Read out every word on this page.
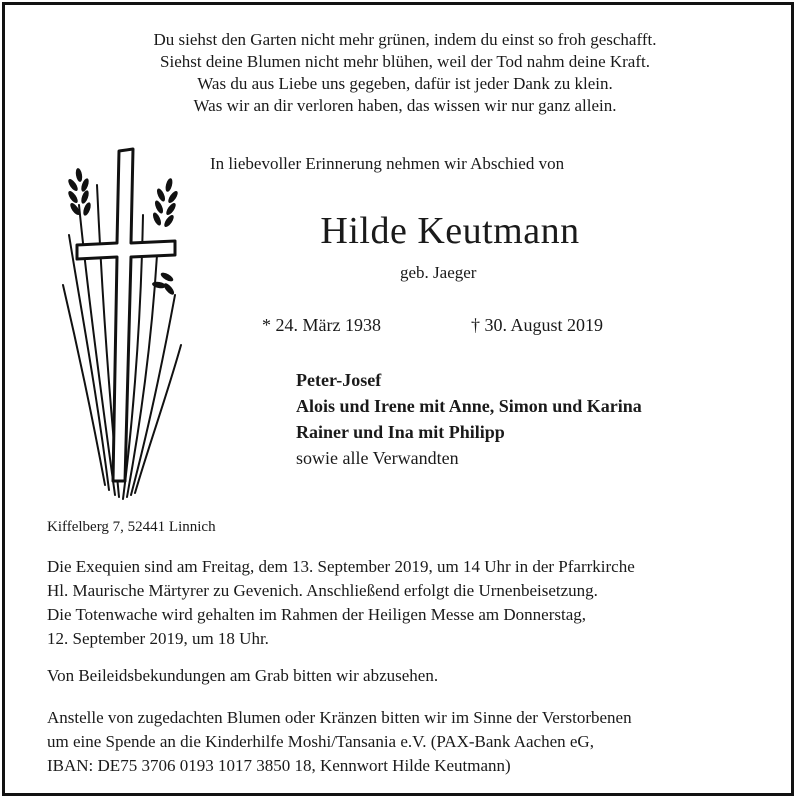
Du siehst den Garten nicht mehr grünen, indem du einst so froh geschafft.
Siehst deine Blumen nicht mehr blühen, weil der Tod nahm deine Kraft.
Was du aus Liebe uns gegeben, dafür ist jeder Dank zu klein.
Was wir an dir verloren haben, das wissen wir nur ganz allein.
In liebevoller Erinnerung nehmen wir Abschied von
Hilde Keutmann
geb. Jaeger
* 24. März 1938	† 30. August 2019
Peter-Josef
Alois und Irene mit Anne, Simon und Karina
Rainer und Ina mit Philipp
sowie alle Verwandten
Kiffelberg 7, 52441 Linnich
Die Exequien sind am Freitag, dem 13. September 2019, um 14 Uhr in der Pfarrkirche
Hl. Maurische Märtyrer zu Gevenich. Anschließend erfolgt die Urnenbeisetzung.
Die Totenwache wird gehalten im Rahmen der Heiligen Messe am Donnerstag,
12. September 2019, um 18 Uhr.
Von Beileidsbekundungen am Grab bitten wir abzusehen.
Anstelle von zugedachten Blumen oder Kränzen bitten wir im Sinne der Verstorbenen
um eine Spende an die Kinderhilfe Moshi/Tansania e.V. (PAX-Bank Aachen eG,
IBAN: DE75 3706 0193 1017 3850 18, Kennwort Hilde Keutmann)
